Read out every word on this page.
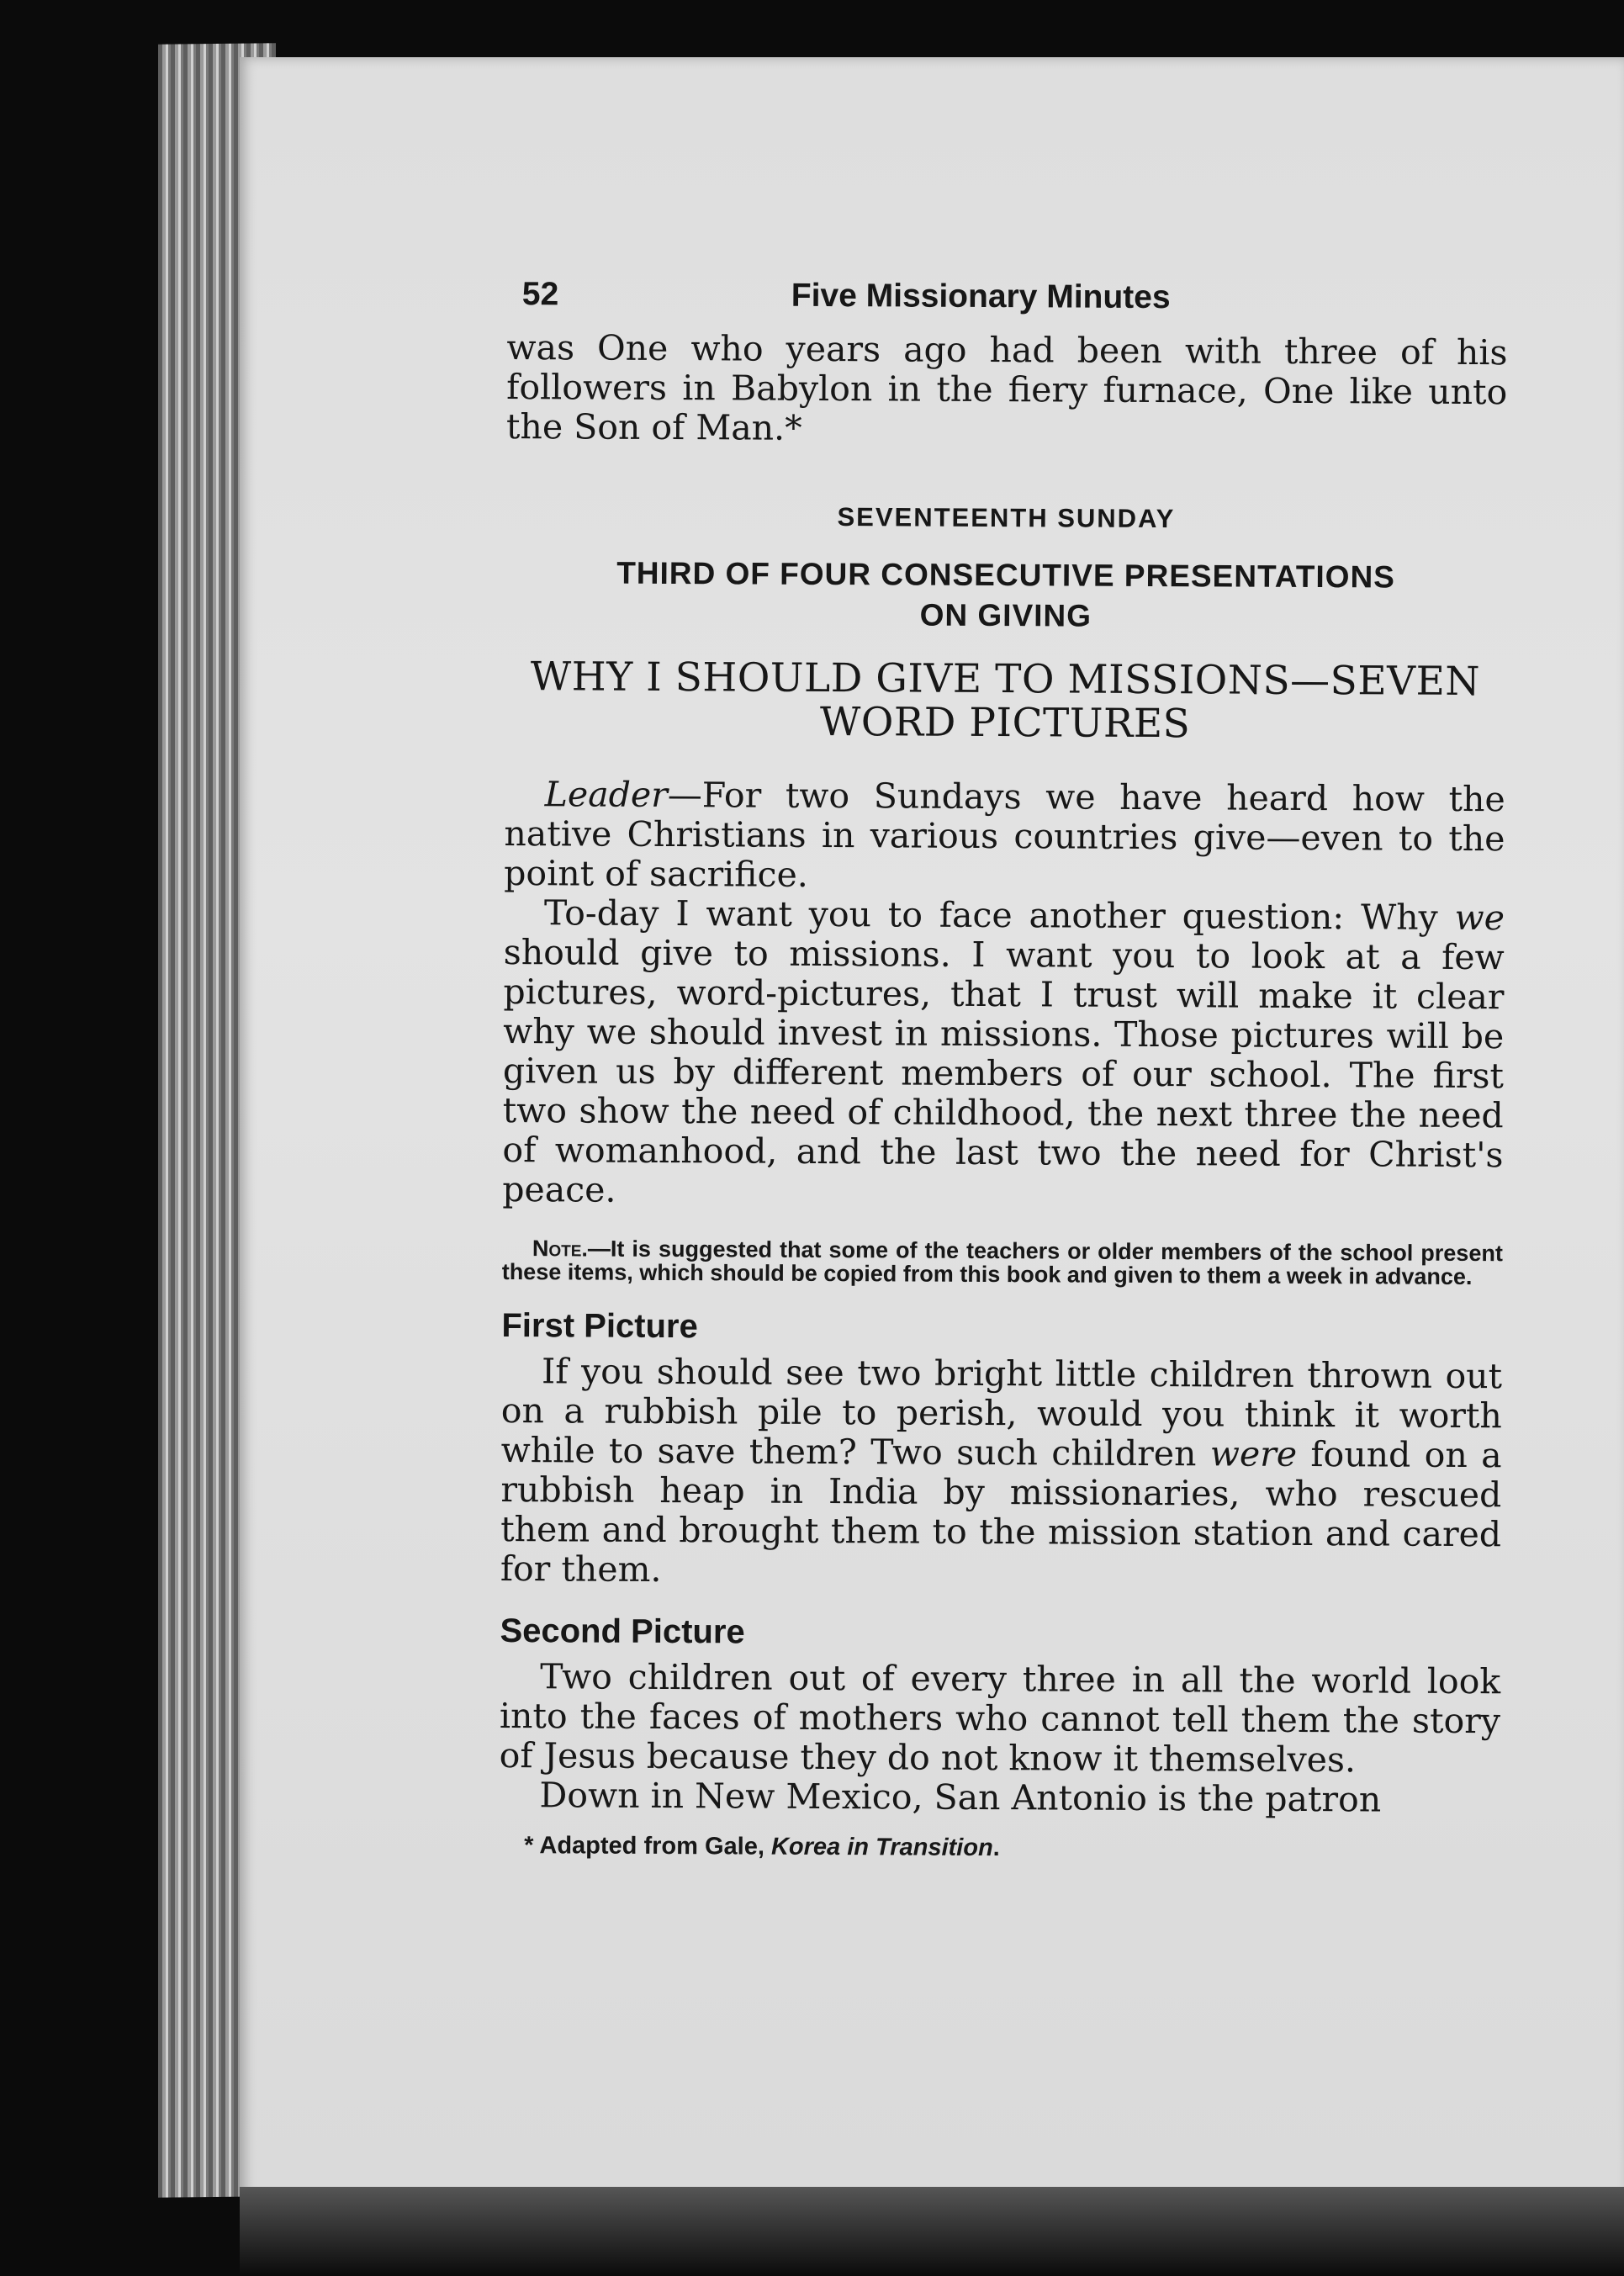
52	Five Missionary Minutes

was One who years ago had been with three of his followers in Babylon in the fiery furnace, One like unto the Son of Man.*

SEVENTEENTH SUNDAY
THIRD OF FOUR CONSECUTIVE PRESENTATIONS
ON GIVING
WHY I SHOULD GIVE TO MISSIONS—SEVEN
WORD PICTURES

Leader—For two Sundays we have heard how the native Christians in various countries give—even to the point of sacrifice.

To-day I want you to face another question: Why we should give to missions. I want you to look at a few pictures, word-pictures, that I trust will make it clear why we should invest in missions. Those pictures will be given us by different members of our school. The first two show the need of childhood, the next three the need of womanhood, and the last two the need for Christ's peace.

Note.—It is suggested that some of the teachers or older members of the school present these items, which should be copied from this book and given to them a week in advance.
First Picture

If you should see two bright little children thrown out on a rubbish pile to perish, would you think it worth while to save them? Two such children were found on a rubbish heap in India by missionaries, who rescued them and brought them to the mission station and cared for them.

Second Picture

Two children out of every three in all the world look into the faces of mothers who cannot tell them the story of Jesus because they do not know it themselves.

Down in New Mexico, San Antonio is the patron

* Adapted from Gale, Korea in Transition.
